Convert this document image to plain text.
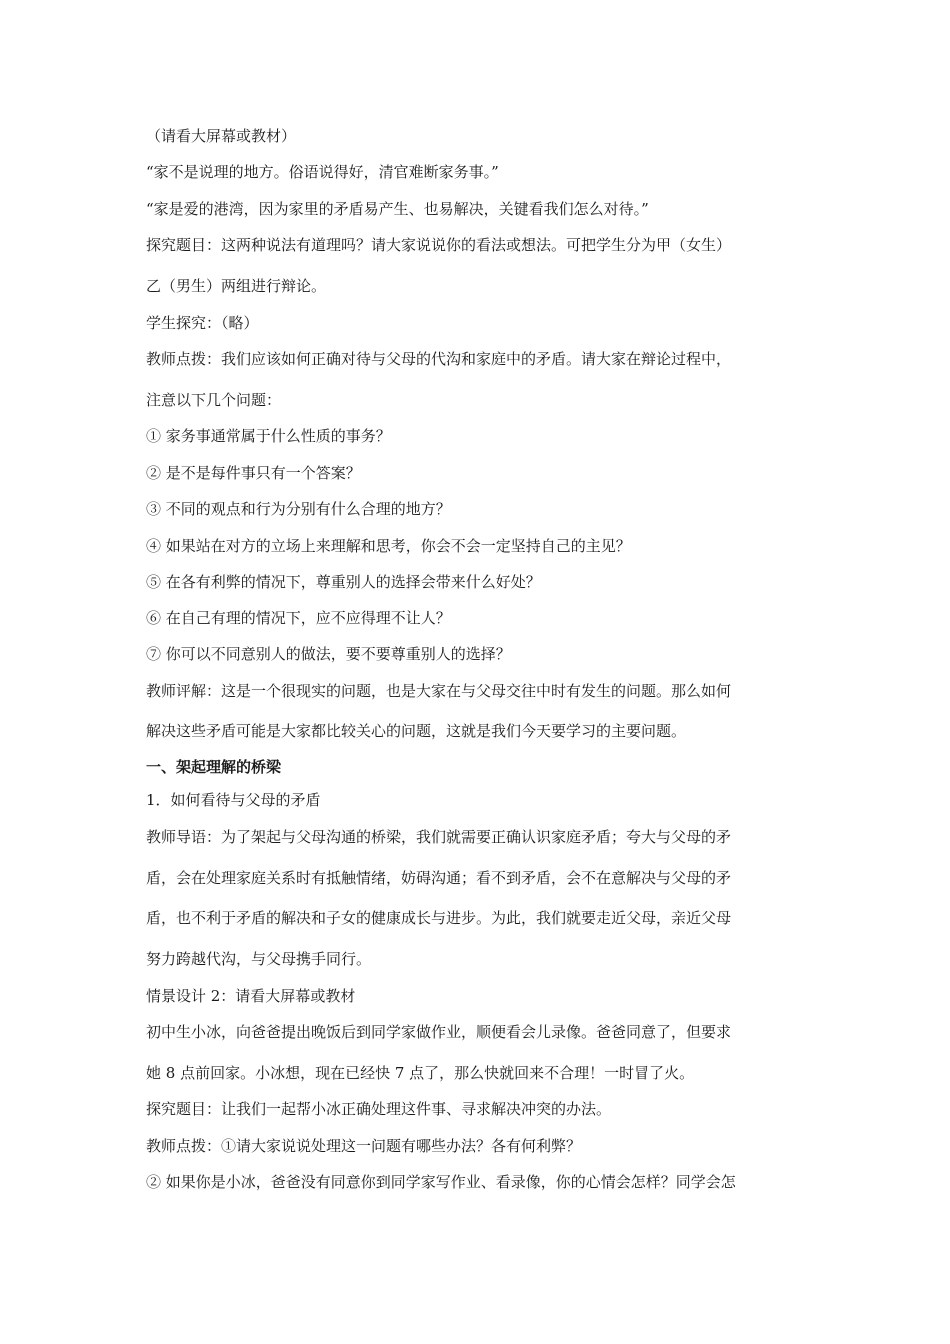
（请看大屏幕或教材）
“家不是说理的地方。俗语说得好，清官难断家务事。”
“家是爱的港湾，因为家里的矛盾易产生、也易解决，关键看我们怎么对待。”
探究题目：这两种说法有道理吗？请大家说说你的看法或想法。可把学生分为甲（女生）
乙（男生）两组进行辩论。
学生探究：（略）
教师点拨：我们应该如何正确对待与父母的代沟和家庭中的矛盾。请大家在辩论过程中，
注意以下几个问题：
① 家务事通常属于什么性质的事务？
② 是不是每件事只有一个答案？
③ 不同的观点和行为分别有什么合理的地方？
④ 如果站在对方的立场上来理解和思考，你会不会一定坚持自己的主见？
⑤ 在各有利弊的情况下，尊重别人的选择会带来什么好处？
⑥ 在自己有理的情况下，应不应得理不让人？
⑦ 你可以不同意别人的做法，要不要尊重别人的选择？
教师评解：这是一个很现实的问题，也是大家在与父母交往中时有发生的问题。那么如何
解决这些矛盾可能是大家都比较关心的问题，这就是我们今天要学习的主要问题。
一、架起理解的桥梁
1．如何看待与父母的矛盾
教师导语：为了架起与父母沟通的桥梁，我们就需要正确认识家庭矛盾；夸大与父母的矛
盾，会在处理家庭关系时有抵触情绪，妨碍沟通；看不到矛盾，会不在意解决与父母的矛
盾，也不利于矛盾的解决和子女的健康成长与进步。为此，我们就要走近父母，亲近父母
努力跨越代沟，与父母携手同行。
情景设计 2：请看大屏幕或教材
初中生小冰，向爸爸提出晚饭后到同学家做作业，顺便看会儿录像。爸爸同意了，但要求
她 8 点前回家。小冰想，现在已经快 7 点了，那么快就回来不合理！一时冒了火。
探究题目：让我们一起帮小冰正确处理这件事、寻求解决冲突的办法。
教师点拨：①请大家说说处理这一问题有哪些办法？各有何利弊？
② 如果你是小冰，爸爸没有同意你到同学家写作业、看录像，你的心情会怎样？同学会怎
